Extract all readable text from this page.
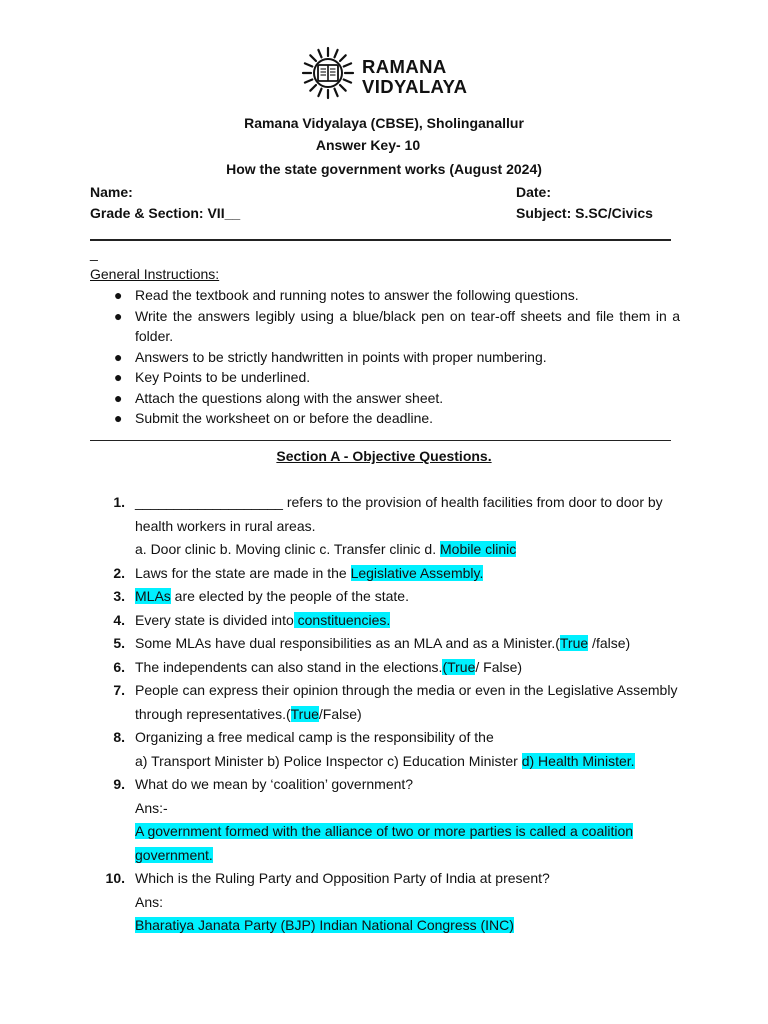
RAMANA
VIDYALAYA
Ramana Vidyalaya (CBSE), Sholinganallur
Answer Key- 10
How the state government works (August 2024)
Name:	Date:
Grade & Section: VII__	Subject: S.SC/Civics
_
General Instructions:
● Read the textbook and running notes to answer the following questions.
● Write the answers legibly using a blue/black pen on tear-off sheets and file them in a folder.
● Answers to be strictly handwritten in points with proper numbering.
● Key Points to be underlined.
● Attach the questions along with the answer sheet.
● Submit the worksheet on or before the deadline.
Section A - Objective Questions.
1. ___________________ refers to the provision of health facilities from door to door by health workers in rural areas.
a. Door clinic b. Moving clinic c. Transfer clinic d. Mobile clinic
2. Laws for the state are made in the Legislative Assembly.
3. MLAs are elected by the people of the state.
4. Every state is divided into constituencies.
5. Some MLAs have dual responsibilities as an MLA and as a Minister.(True /false)
6. The independents can also stand in the elections.(True/ False)
7. People can express their opinion through the media or even in the Legislative Assembly through representatives.(True/False)
8. Organizing a free medical camp is the responsibility of the
a) Transport Minister b) Police Inspector c) Education Minister d) Health Minister.
9. What do we mean by ‘coalition’ government?
Ans:-
A government formed with the alliance of two or more parties is called a coalition government.
10. Which is the Ruling Party and Opposition Party of India at present?
Ans:
Bharatiya Janata Party (BJP) Indian National Congress (INC)
